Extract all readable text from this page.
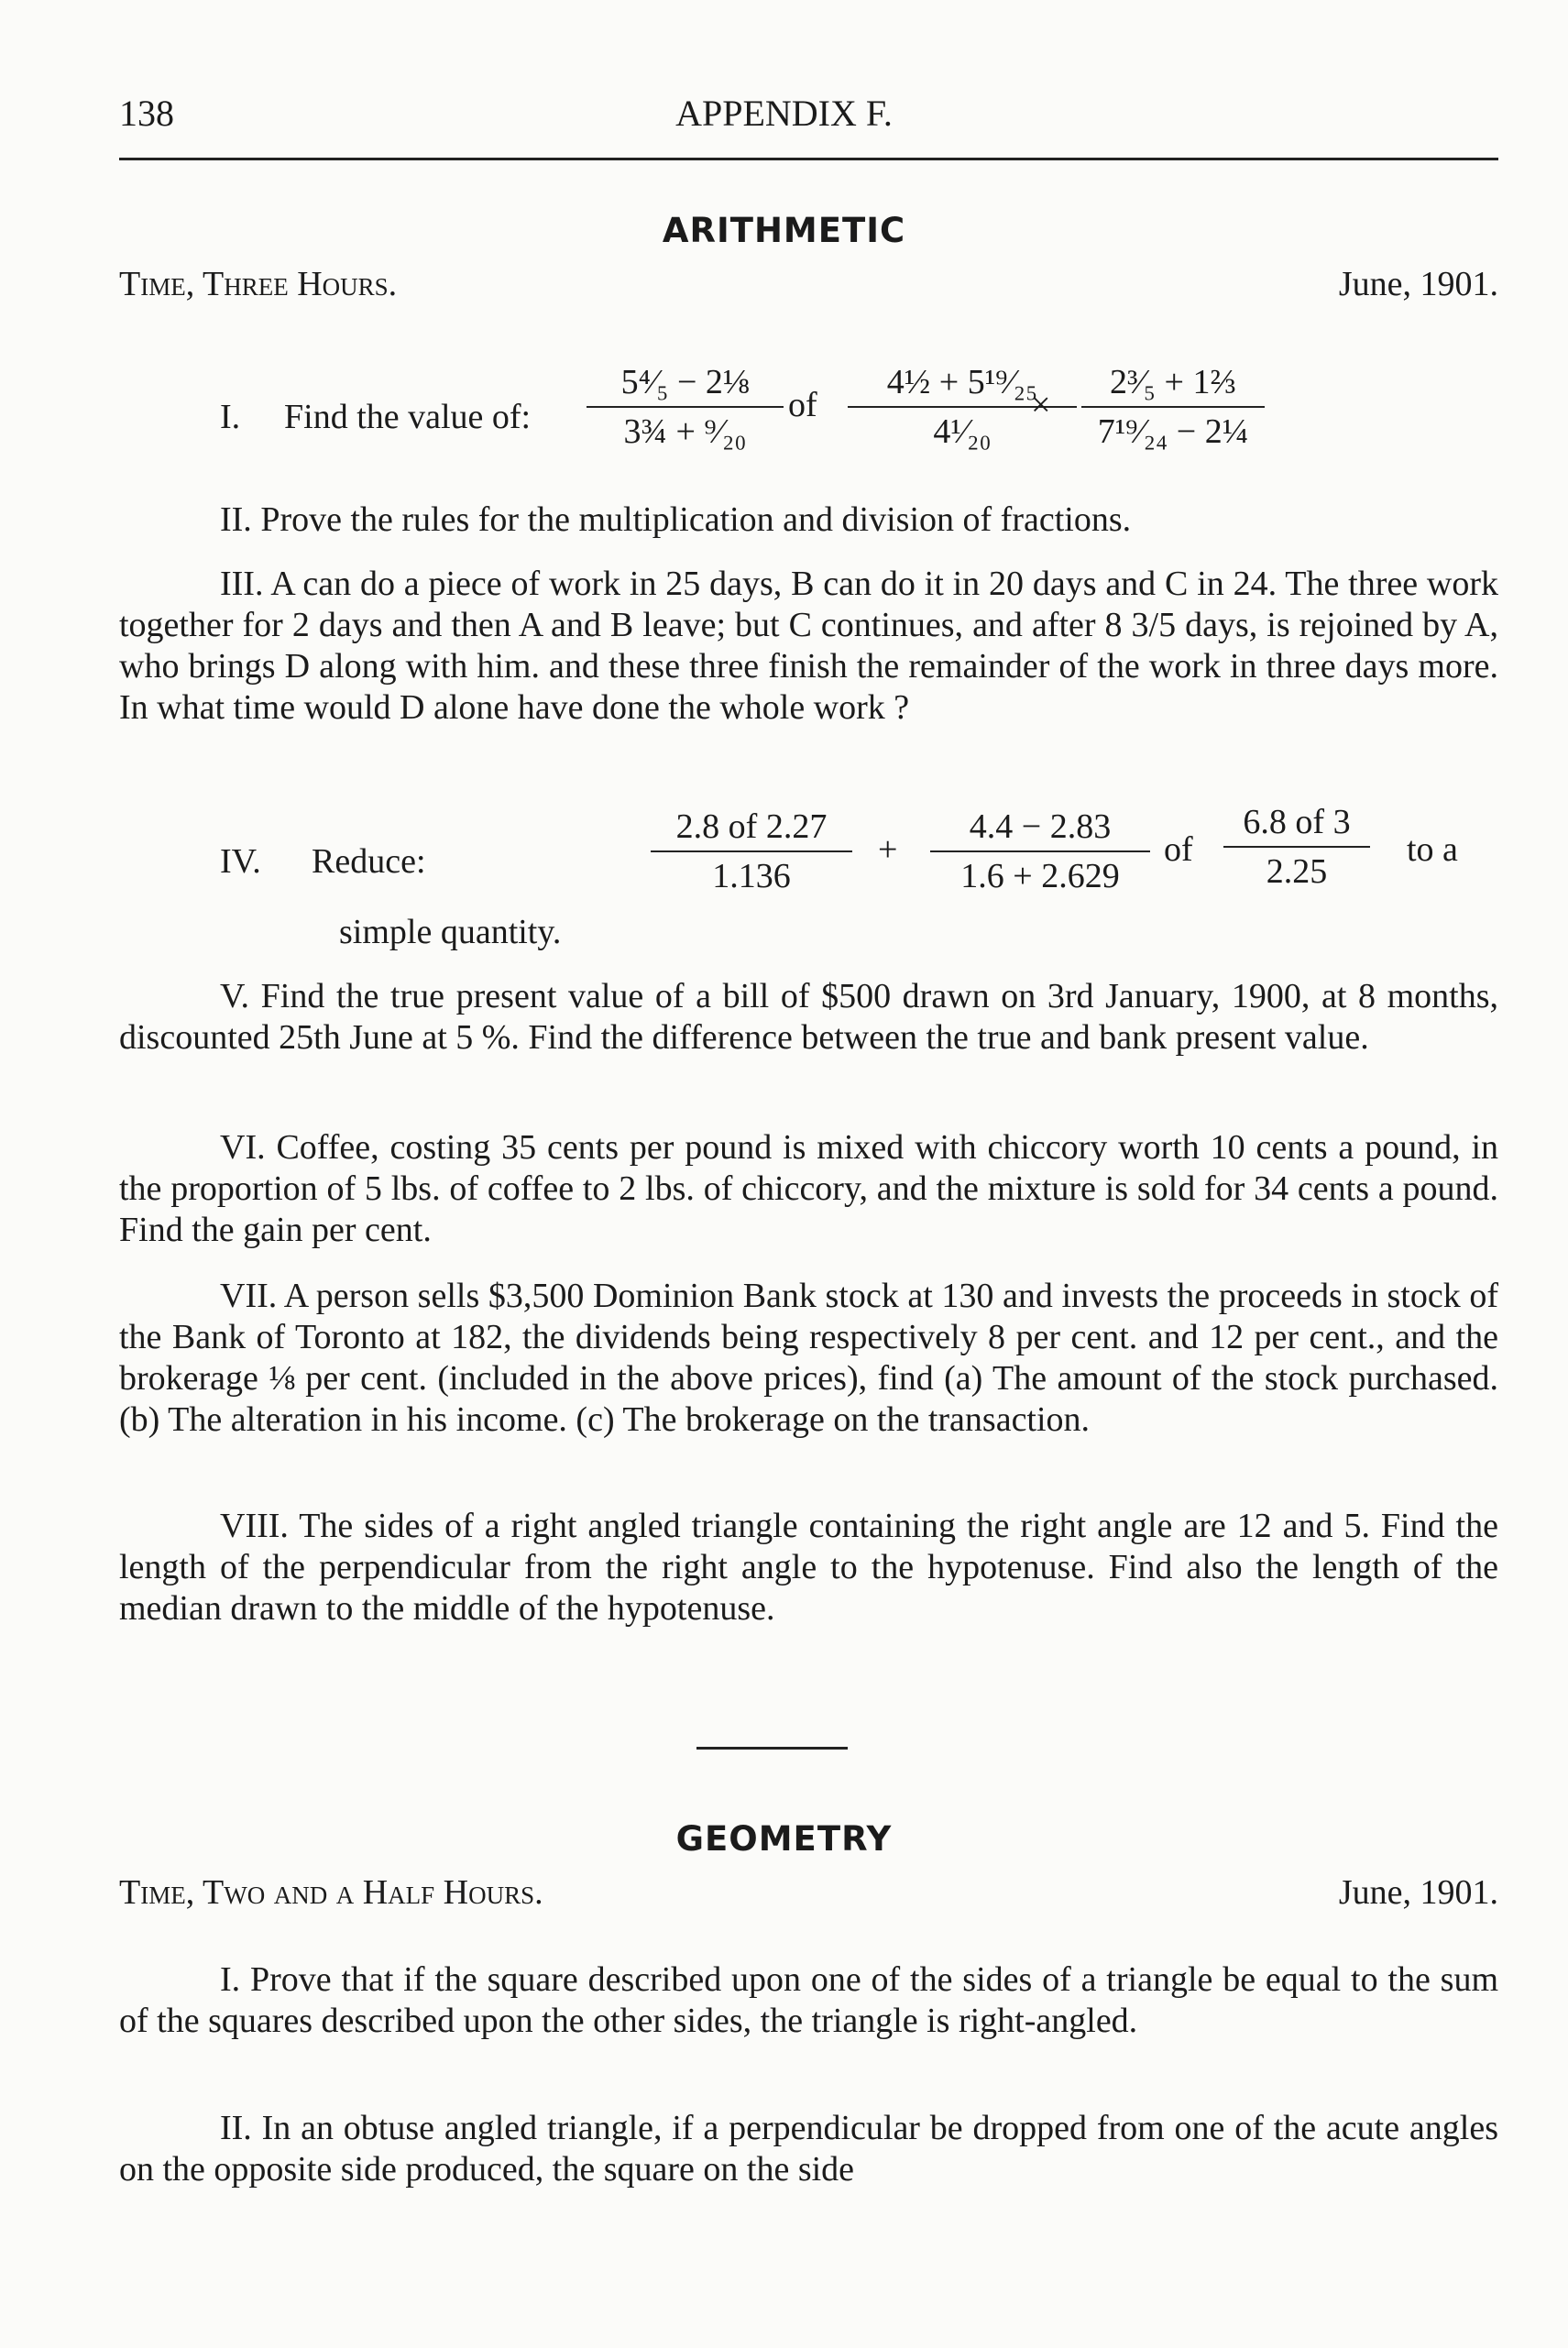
138	APPENDIX F.
ARITHMETIC
Time, Three Hours.	June, 1901.
I. Find the value of: $\frac{\text{5⁴⁄₅ − 2⅛}}{\text{3¾ + ⁹⁄₂₀}}$ of $\frac{\text{4½ + 5¹⁹⁄₂₅}}{\text{4¹⁄₂₀}}$
× $\frac{\text{2³⁄₅ + 1⅔}}{\text{7¹⁹⁄₂₄ − 2¼}}$

II. Prove the rules for the multiplication and division of fractions.

III. A can do a piece of work in 25 days, B can do it in 20 days and C in 24. The three work together for 2 days and then A and B leave; but C continues, and after 8 3/5 days, is rejoined by A, who brings D along with him. and these three finish the remainder of the work in three days more. In what time would D alone have done the whole work ?

IV. Reduce:	$\frac{2.8 of 2.27}{1.136} + \frac{4.4 - 2.83}{1.6 + 2.629}$ of $\frac{6.8 of 3}{2.25}$ to a
simple quantity.

V. Find the true present value of a bill of $500 drawn on 3rd January, 1900, at 8 months, discounted 25th June at 5 %. Find the difference between the true and bank present value.

VI. Coffee, costing 35 cents per pound is mixed with chiccory worth 10 cents a pound, in the proportion of 5 lbs. of coffee to 2 lbs. of chiccory, and the mixture is sold for 34 cents a pound. Find the gain per cent.

VII. A person sells $3,500 Dominion Bank stock at 130 and invests the proceeds in stock of the Bank of Toronto at 182, the dividends being respectively 8 per cent. and 12 per cent., and the brokerage ⅛ per cent. (included in the above prices), find (a) The amount of the stock purchased. (b) The alteration in his income. (c) The brokerage on the transaction.

VIII. The sides of a right angled triangle containing the right angle are 12 and 5. Find the length of the perpendicular from the right angle to the hypotenuse. Find also the length of the median drawn to the middle of the hypotenuse.

GEOMETRY
Time, Two and a Half Hours.	June, 1901.

I. Prove that if the square described upon one of the sides of a triangle be equal to the sum of the squares described upon the other sides, the triangle is right-angled.

II. In an obtuse angled triangle, if a perpendicular be dropped from one of the acute angles on the opposite side produced, the square on the side
